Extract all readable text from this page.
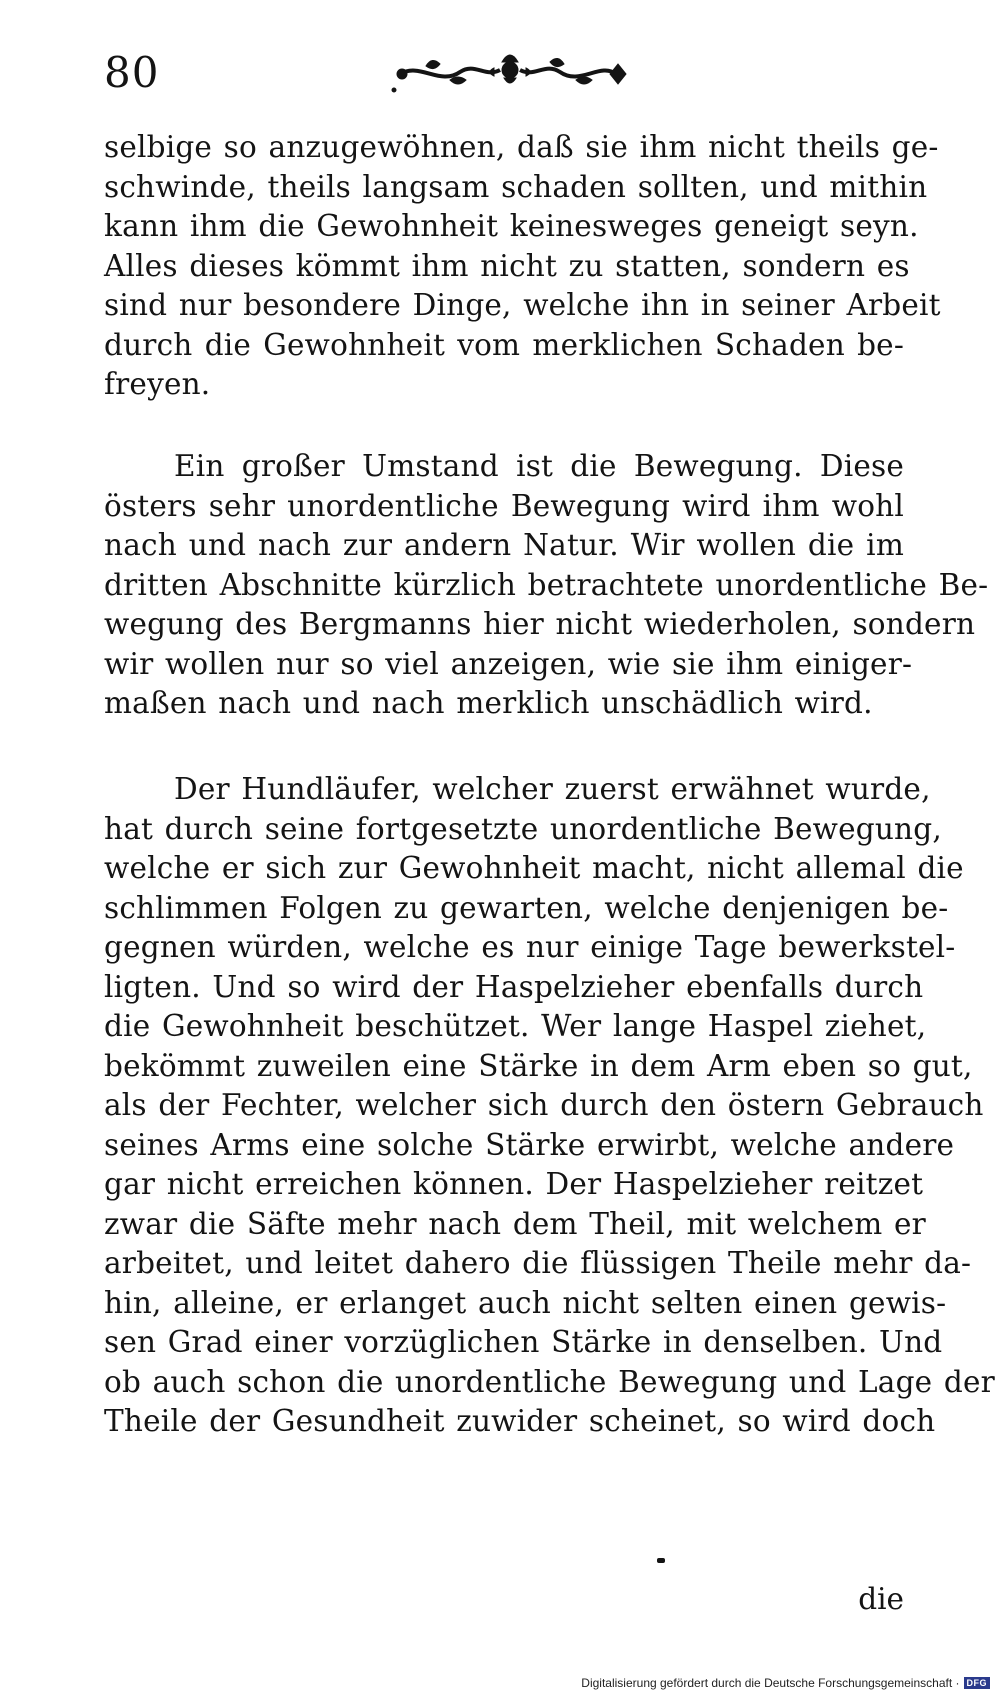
80
selbige so anzugewöhnen, daß sie ihm nicht theils ge-
schwinde, theils langsam schaden sollten, und mithin
kann ihm die Gewohnheit keinesweges geneigt seyn.
Alles dieses kömmt ihm nicht zu statten, sondern es
sind nur besondere Dinge, welche ihn in seiner Arbeit
durch die Gewohnheit vom merklichen Schaden be-
freyen.
Ein großer Umstand ist die Bewegung. Diese
östers sehr unordentliche Bewegung wird ihm wohl
nach und nach zur andern Natur. Wir wollen die im
dritten Abschnitte kürzlich betrachtete unordentliche Be-
wegung des Bergmanns hier nicht wiederholen, sondern
wir wollen nur so viel anzeigen, wie sie ihm einiger-
maßen nach und nach merklich unschädlich wird.
Der Hundläufer, welcher zuerst erwähnet wurde,
hat durch seine fortgesetzte unordentliche Bewegung,
welche er sich zur Gewohnheit macht, nicht allemal die
schlimmen Folgen zu gewarten, welche denjenigen be-
gegnen würden, welche es nur einige Tage bewerkstel-
ligten. Und so wird der Haspelzieher ebenfalls durch
die Gewohnheit beschützet. Wer lange Haspel ziehet,
bekömmt zuweilen eine Stärke in dem Arm eben so gut,
als der Fechter, welcher sich durch den östern Gebrauch
seines Arms eine solche Stärke erwirbt, welche andere
gar nicht erreichen können. Der Haspelzieher reitzet
zwar die Säfte mehr nach dem Theil, mit welchem er
arbeitet, und leitet dahero die flüssigen Theile mehr da-
hin, alleine, er erlanget auch nicht selten einen gewis-
sen Grad einer vorzüglichen Stärke in denselben. Und
ob auch schon die unordentliche Bewegung und Lage der
Theile der Gesundheit zuwider scheinet, so wird doch
die
Digitalisierung gefördert durch die Deutsche Forschungsgemeinschaft · DFG
